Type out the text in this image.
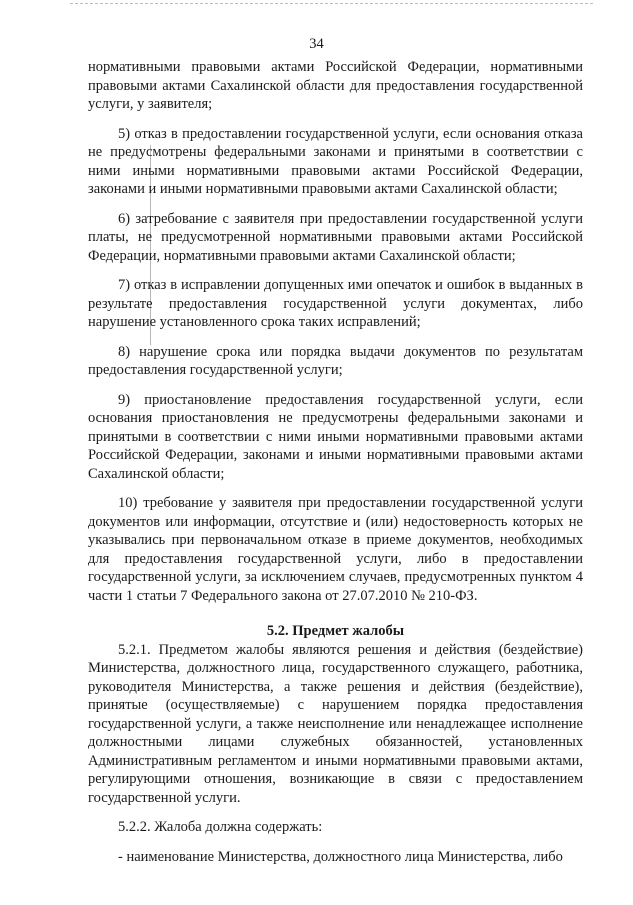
34

нормативными правовыми актами Российской Федерации, нормативными правовыми актами Сахалинской области для предоставления государственной услуги, у заявителя;

5) отказ в предоставлении государственной услуги, если основания отказа не предусмотрены федеральными законами и принятыми в соответствии с ними иными нормативными правовыми актами Российской Федерации, законами и иными нормативными правовыми актами Сахалинской области;

6) затребование с заявителя при предоставлении государственной услуги платы, не предусмотренной нормативными правовыми актами Российской Федерации, нормативными правовыми актами Сахалинской области;

7) отказ в исправлении допущенных ими опечаток и ошибок в выданных в результате предоставления государственной услуги документах, либо нарушение установленного срока таких исправлений;

8) нарушение срока или порядка выдачи документов по результатам предоставления государственной услуги;

9) приостановление предоставления государственной услуги, если основания приостановления не предусмотрены федеральными законами и принятыми в соответствии с ними иными нормативными правовыми актами Российской Федерации, законами и иными нормативными правовыми актами Сахалинской области;

10) требование у заявителя при предоставлении государственной услуги документов или информации, отсутствие и (или) недостоверность которых не указывались при первоначальном отказе в приеме документов, необходимых для предоставления государственной услуги, либо в предоставлении государственной услуги, за исключением случаев, предусмотренных пунктом 4 части 1 статьи 7 Федерального закона от 27.07.2010 № 210-ФЗ.

5.2. Предмет жалобы

5.2.1. Предметом жалобы являются решения и действия (бездействие) Министерства, должностного лица, государственного служащего, работника, руководителя Министерства, а также решения и действия (бездействие), принятые (осуществляемые) с нарушением порядка предоставления государственной услуги, а также неисполнение или ненадлежащее исполнение должностными лицами служебных обязанностей, установленных Административным регламентом и иными нормативными правовыми актами, регулирующими отношения, возникающие в связи с предоставлением государственной услуги.

5.2.2. Жалоба должна содержать:

- наименование Министерства, должностного лица Министерства, либо
